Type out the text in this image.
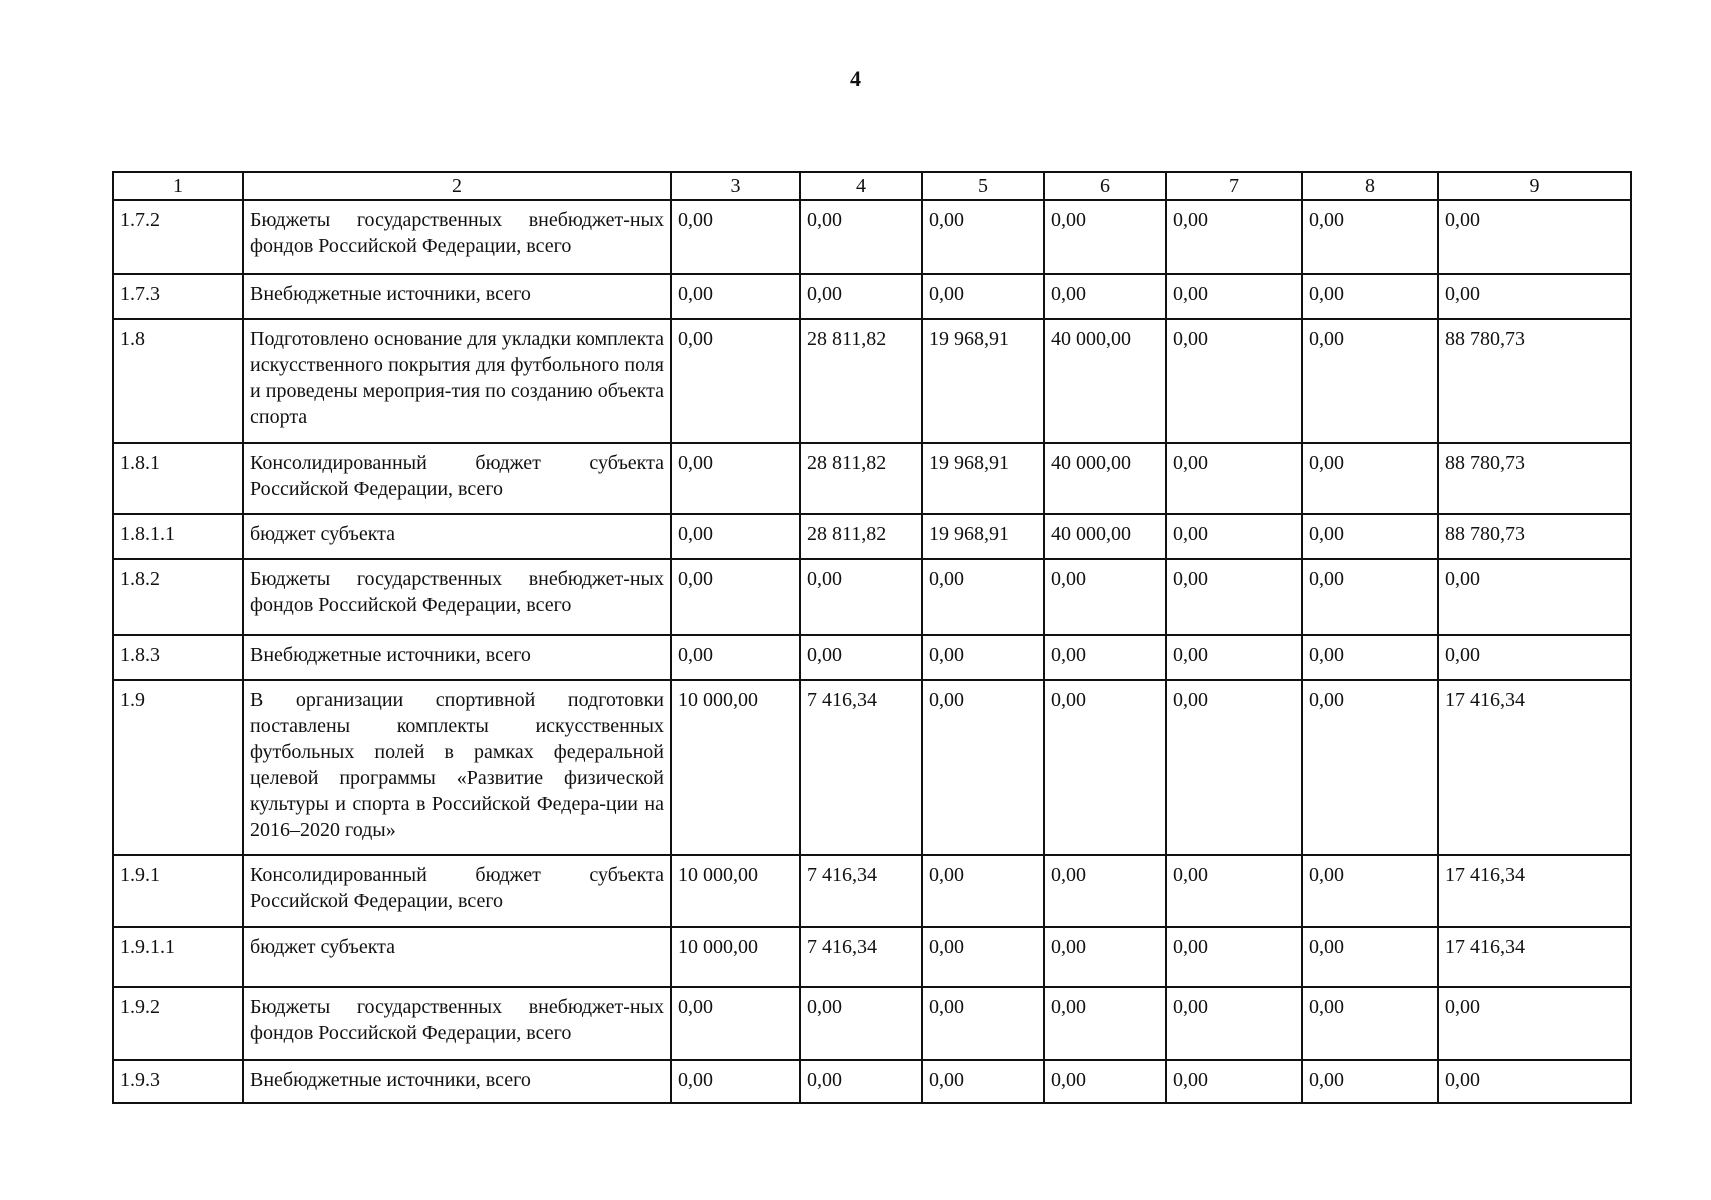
4
1	2	3	4	5	6	7	8	9
1.7.2	Бюджеты государственных внебюджет-ных фондов Российской Федерации, всего	0,00	0,00	0,00	0,00	0,00	0,00	0,00
1.7.3	Внебюджетные источники, всего	0,00	0,00	0,00	0,00	0,00	0,00	0,00
1.8	Подготовлено основание для укладки комплекта искусственного покрытия для футбольного поля и проведены мероприя-тия по созданию объекта спорта	0,00	28 811,82	19 968,91	40 000,00	0,00	0,00	88 780,73
1.8.1	Консолидированный бюджет субъекта Российской Федерации, всего	0,00	28 811,82	19 968,91	40 000,00	0,00	0,00	88 780,73
1.8.1.1	бюджет субъекта	0,00	28 811,82	19 968,91	40 000,00	0,00	0,00	88 780,73
1.8.2	Бюджеты государственных внебюджет-ных фондов Российской Федерации, всего	0,00	0,00	0,00	0,00	0,00	0,00	0,00
1.8.3	Внебюджетные источники, всего	0,00	0,00	0,00	0,00	0,00	0,00	0,00
1.9	В организации спортивной подготовки поставлены комплекты искусственных футбольных полей в рамках федеральной целевой программы «Развитие физической культуры и спорта в Российской Федера-ции на 2016–2020 годы»	10 000,00	7 416,34	0,00	0,00	0,00	0,00	17 416,34
1.9.1	Консолидированный бюджет субъекта Российской Федерации, всего	10 000,00	7 416,34	0,00	0,00	0,00	0,00	17 416,34
1.9.1.1	бюджет субъекта	10 000,00	7 416,34	0,00	0,00	0,00	0,00	17 416,34
1.9.2	Бюджеты государственных внебюджет-ных фондов Российской Федерации, всего	0,00	0,00	0,00	0,00	0,00	0,00	0,00
1.9.3	Внебюджетные источники, всего	0,00	0,00	0,00	0,00	0,00	0,00	0,00
